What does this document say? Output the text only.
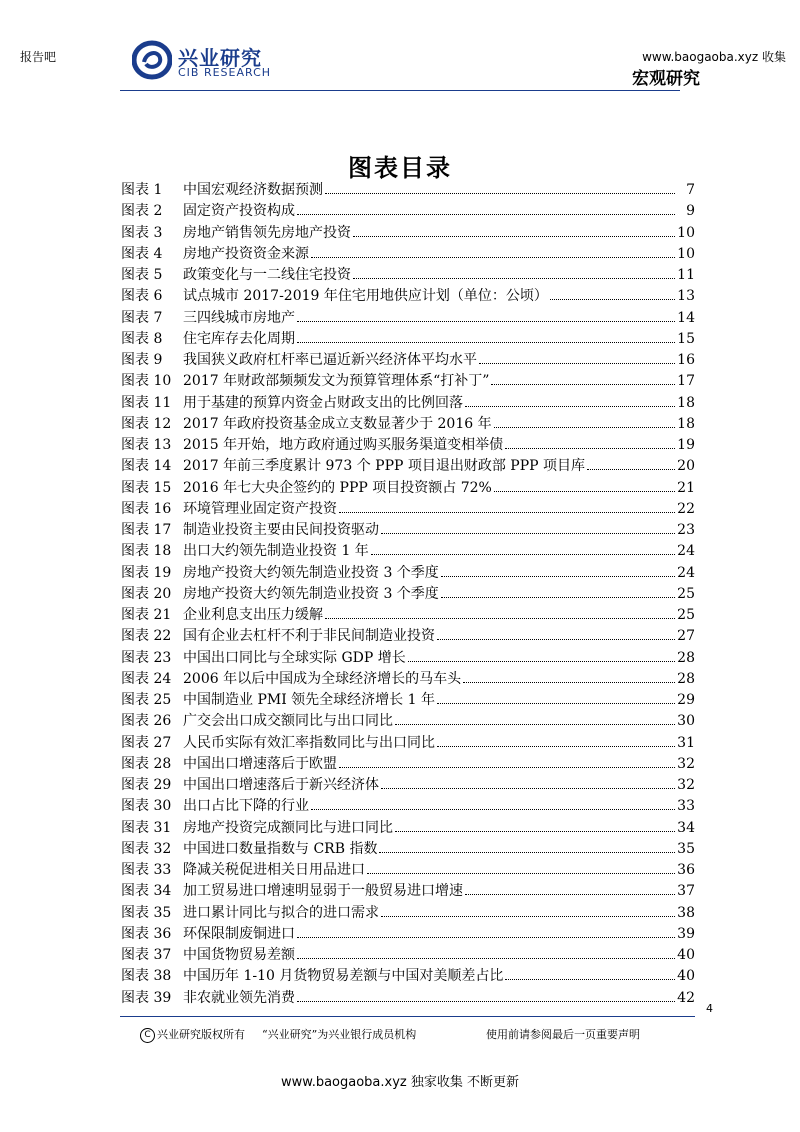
报告吧	www.baogaoba.xyz 收集
兴业研究
CIB RESEARCH	宏观研究
图表目录
图表 1	中国宏观经济数据预测	7
图表 2	固定资产投资构成	9
图表 3	房地产销售领先房地产投资	10
图表 4	房地产投资资金来源	10
图表 5	政策变化与一二线住宅投资	11
图表 6	试点城市 2017-2019 年住宅用地供应计划（单位：公顷）	13
图表 7	三四线城市房地产	14
图表 8	住宅库存去化周期	15
图表 9	我国狭义政府杠杆率已逼近新兴经济体平均水平	16
图表 10 2017 年财政部频频发文为预算管理体系“打补丁”	17
图表 11 用于基建的预算内资金占财政支出的比例回落	18
图表 12 2017 年政府投资基金成立支数显著少于 2016 年	18
图表 13 2015 年开始，地方政府通过购买服务渠道变相举债	19
图表 14 2017 年前三季度累计 973 个 PPP 项目退出财政部 PPP 项目库	20
图表 15 2016 年七大央企签约的 PPP 项目投资额占 72%	21
图表 16 环境管理业固定资产投资	22
图表 17 制造业投资主要由民间投资驱动	23
图表 18 出口大约领先制造业投资 1 年	24
图表 19 房地产投资大约领先制造业投资 3 个季度	24
图表 20 房地产投资大约领先制造业投资 3 个季度	25
图表 21 企业利息支出压力缓解	25
图表 22 国有企业去杠杆不利于非民间制造业投资	27
图表 23 中国出口同比与全球实际 GDP 增长	28
图表 24 2006 年以后中国成为全球经济增长的马车头	28
图表 25 中国制造业 PMI 领先全球经济增长 1 年	29
图表 26 广交会出口成交额同比与出口同比	30
图表 27 人民币实际有效汇率指数同比与出口同比	31
图表 28 中国出口增速落后于欧盟	32
图表 29 中国出口增速落后于新兴经济体	32
图表 30 出口占比下降的行业	33
图表 31 房地产投资完成额同比与进口同比	34
图表 32 中国进口数量指数与 CRB 指数	35
图表 33 降减关税促进相关日用品进口	36
图表 34 加工贸易进口增速明显弱于一般贸易进口增速	37
图表 35 进口累计同比与拟合的进口需求	38
图表 36 环保限制废铜进口	39
图表 37 中国货物贸易差额	40
图表 38 中国历年 1-10 月货物贸易差额与中国对美顺差占比	40
图表 39 非农就业领先消费	42
4
C 兴业研究版权所有 “兴业研究”为兴业银行成员机构	使用前请参阅最后一页重要声明
www.baogaoba.xyz 独家收集 不断更新
